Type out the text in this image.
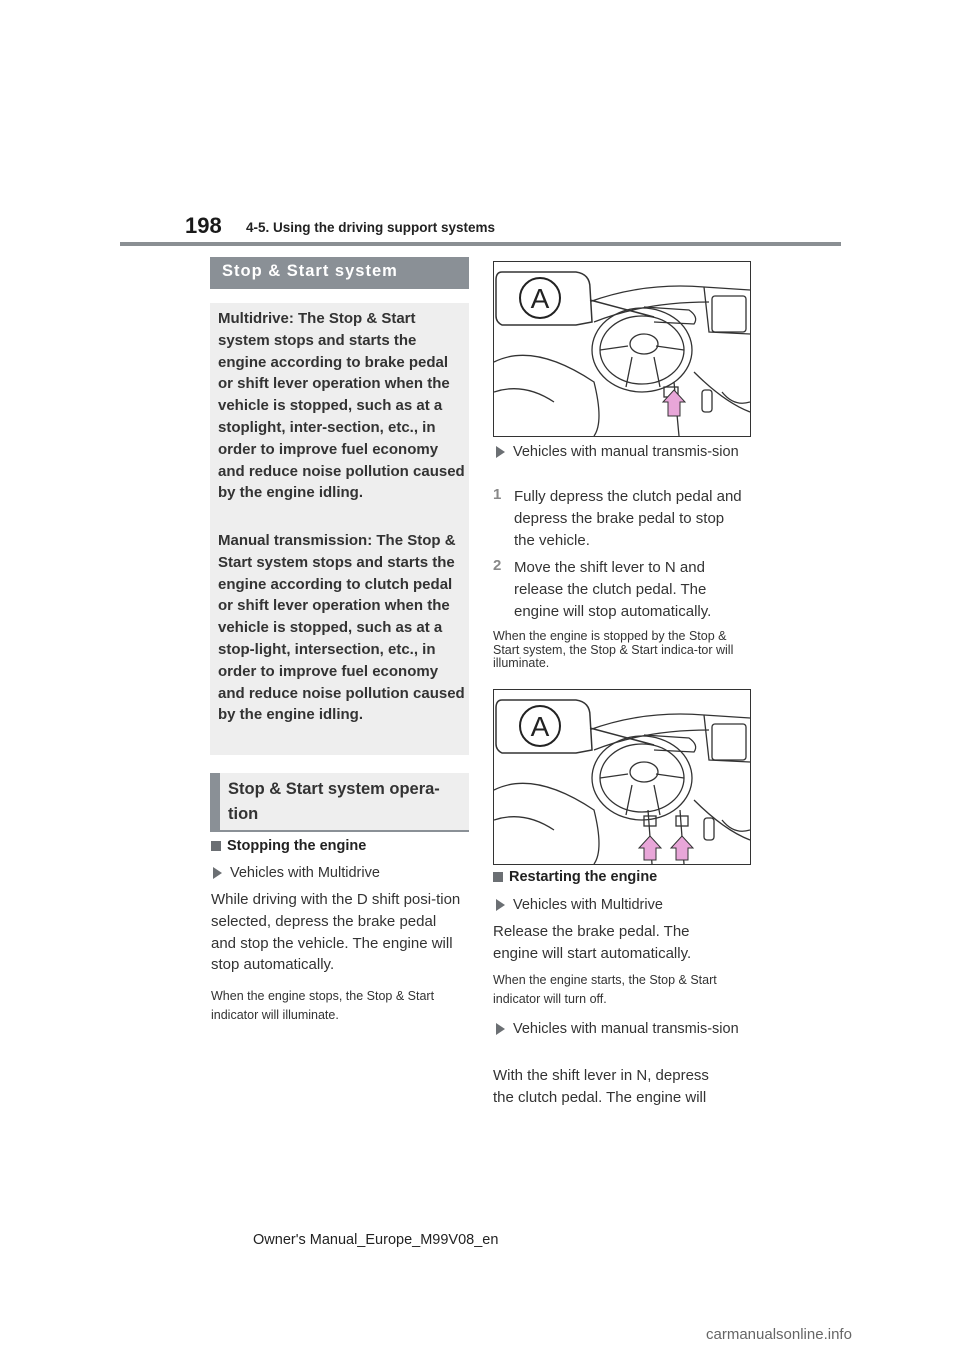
198 4-5. Using the driving support systems
Stop & Start system

Multidrive: The Stop & Start system stops and starts the engine according to brake pedal or shift lever operation when the vehicle is stopped, such as at a stoplight, inter-section, etc., in order to improve fuel economy and reduce noise pollution caused by the engine idling.

Manual transmission: The Stop & Start system stops and starts the engine according to clutch pedal or shift lever operation when the vehicle is stopped, such as at a stop-light, intersection, etc., in order to improve fuel economy and reduce noise pollution caused by the engine idling.

Stop & Start system opera-tion
Stopping the engine
Vehicles with Multidrive

While driving with the D shift posi-tion selected, depress the brake pedal and stop the vehicle. The engine will stop automatically.

When the engine stops, the Stop & Start indicator will illuminate.

A
Vehicles with manual transmis-sion
1 Fully depress the clutch pedal and depress the brake pedal to stop the vehicle.

2 Move the shift lever to N and release the clutch pedal. The engine will stop automatically.

When the engine is stopped by the Stop & Start system, the Stop & Start indica-tor will illuminate.

A
Restarting the engine
Vehicles with Multidrive

Release the brake pedal. The engine will start automatically.

When the engine starts, the Stop & Start indicator will turn off.

Vehicles with manual transmis-sion

With the shift lever in N, depress the clutch pedal. The engine will

Owner's Manual_Europe_M99V08_en
carmanualsonline.info
